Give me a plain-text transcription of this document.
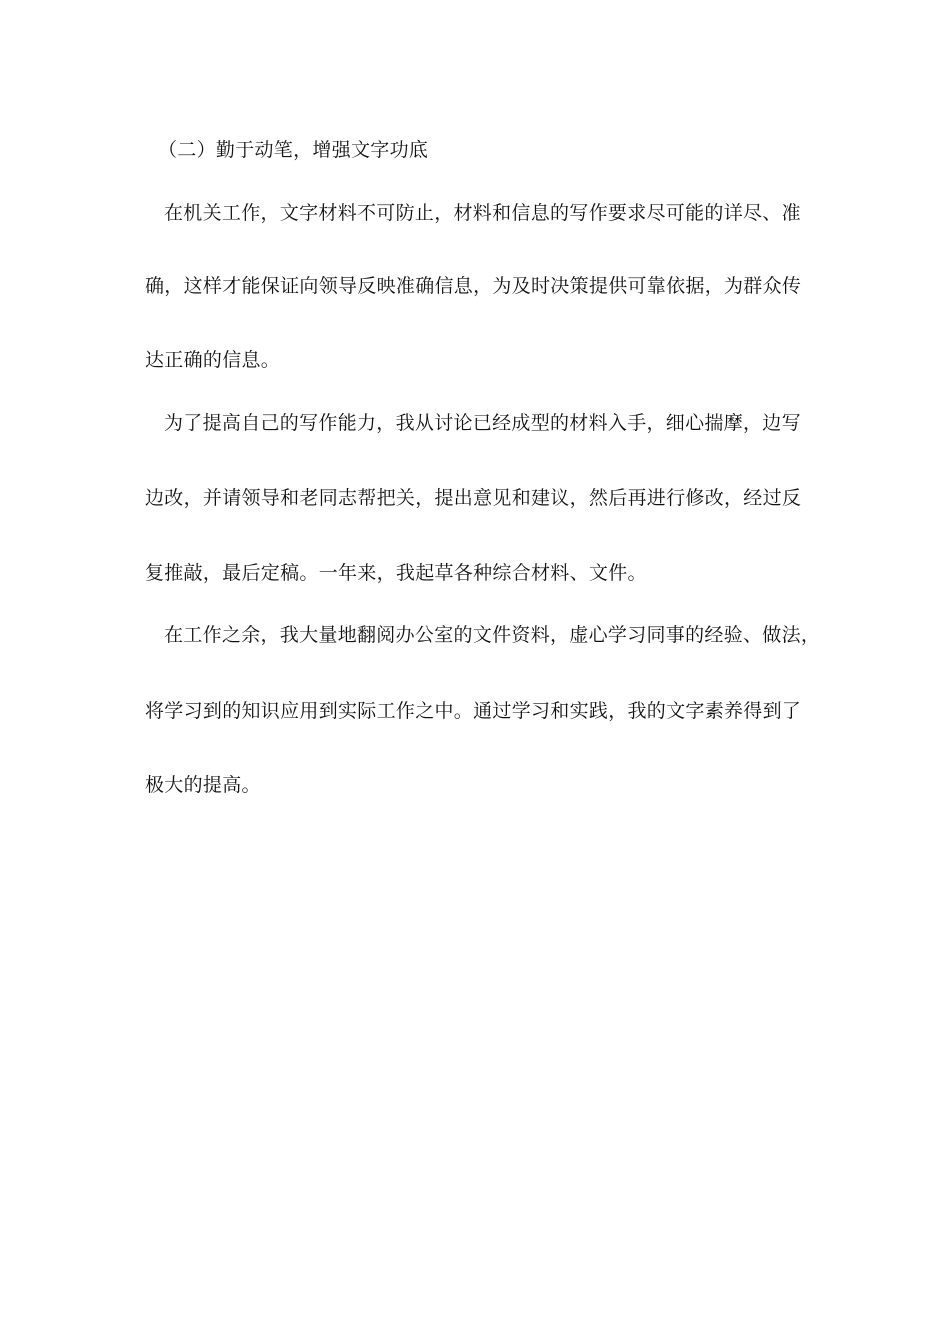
（二）勤于动笔，增强文字功底
在机关工作，文字材料不可防止，材料和信息的写作要求尽可能的详尽、准
确，这样才能保证向领导反映准确信息，为及时决策提供可靠依据，为群众传
达正确的信息。
为了提高自己的写作能力，我从讨论已经成型的材料入手，细心揣摩，边写
边改，并请领导和老同志帮把关，提出意见和建议，然后再进行修改，经过反
复推敲，最后定稿。一年来，我起草各种综合材料、文件。
在工作之余，我大量地翻阅办公室的文件资料，虚心学习同事的经验、做法，
将学习到的知识应用到实际工作之中。通过学习和实践，我的文字素养得到了
极大的提高。
